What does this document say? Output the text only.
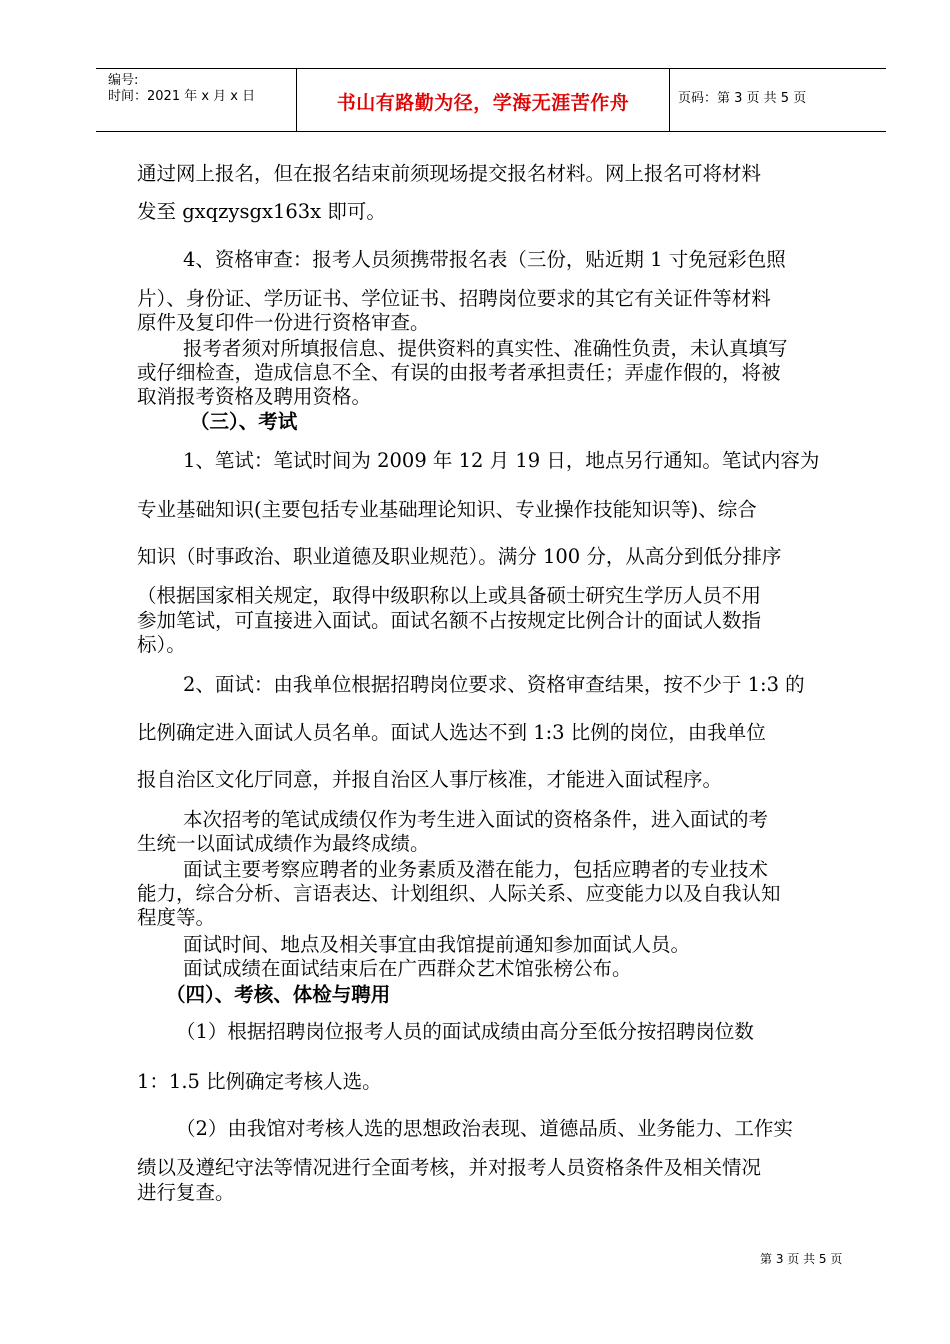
编号:
时间：2021 年 x 月 x 日	书山有路勤为径，学海无涯苦作舟	页码：第 3 页 共 5 页
通过网上报名，但在报名结束前须现场提交报名材料。网上报名可将材料
发至 gxqzysgx163x 即可。
4、资格审查：报考人员须携带报名表（三份，贴近期 1 寸免冠彩色照
片）、身份证、学历证书、学位证书、招聘岗位要求的其它有关证件等材料
原件及复印件一份进行资格审查。
报考者须对所填报信息、提供资料的真实性、准确性负责，未认真填写
或仔细检查，造成信息不全、有误的由报考者承担责任；弄虚作假的，将被
取消报考资格及聘用资格。
（三）、考试
1、笔试：笔试时间为 2009 年 12 月 19 日，地点另行通知。笔试内容为
专业基础知识(主要包括专业基础理论知识、专业操作技能知识等)、综合
知识（时事政治、职业道德及职业规范）。满分 100 分，从高分到低分排序
（根据国家相关规定，取得中级职称以上或具备硕士研究生学历人员不用
参加笔试，可直接进入面试。面试名额不占按规定比例合计的面试人数指
标）。
2、面试：由我单位根据招聘岗位要求、资格审查结果，按不少于 1:3 的
比例确定进入面试人员名单。面试人选达不到 1:3 比例的岗位，由我单位
报自治区文化厅同意，并报自治区人事厅核准，才能进入面试程序。
本次招考的笔试成绩仅作为考生进入面试的资格条件，进入面试的考
生统一以面试成绩作为最终成绩。
面试主要考察应聘者的业务素质及潜在能力，包括应聘者的专业技术
能力，综合分析、言语表达、计划组织、人际关系、应变能力以及自我认知
程度等。
面试时间、地点及相关事宜由我馆提前通知参加面试人员。
面试成绩在面试结束后在广西群众艺术馆张榜公布。
（四）、考核、体检与聘用
（1）根据招聘岗位报考人员的面试成绩由高分至低分按招聘岗位数
1：1.5 比例确定考核人选。
（2）由我馆对考核人选的思想政治表现、道德品质、业务能力、工作实
绩以及遵纪守法等情况进行全面考核，并对报考人员资格条件及相关情况
进行复查。
第 3 页 共 5 页
